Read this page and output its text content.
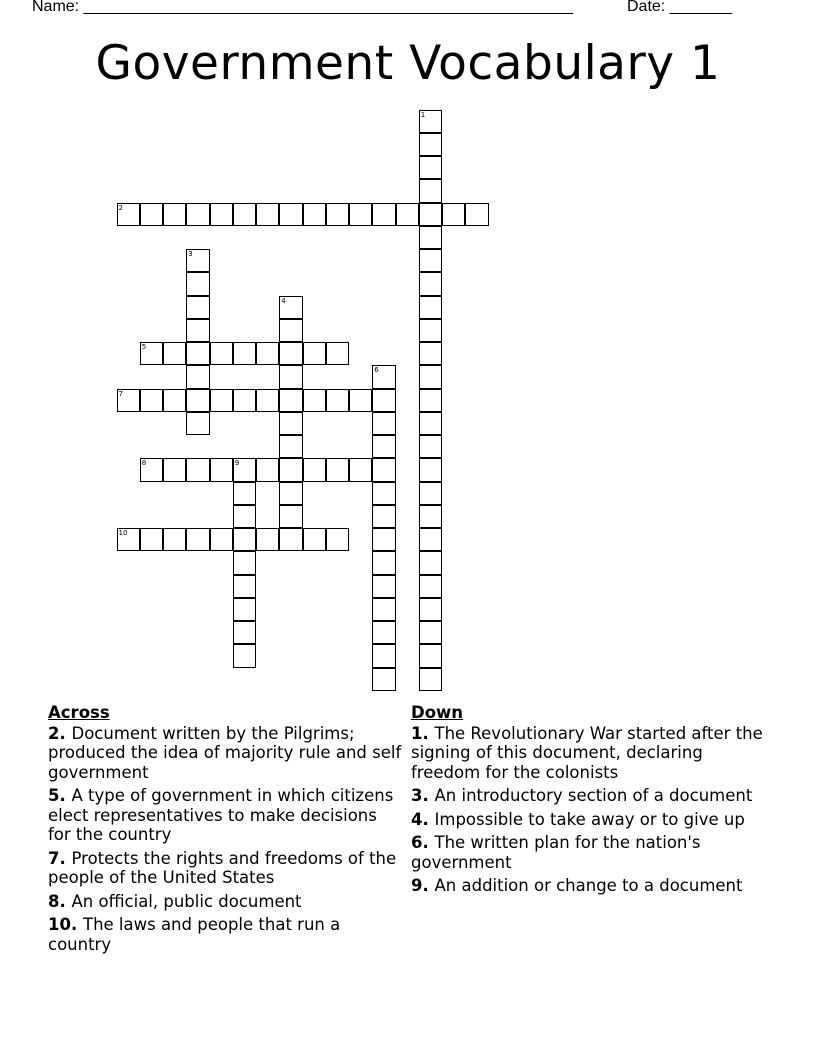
Name: _______________________________________________________	Date: _______
Government Vocabulary 1
1
2
3
4
5
6
7
8	9
10
Across
2. Document written by the Pilgrims; produced the idea of majority rule and self government
5. A type of government in which citizens elect representatives to make decisions for the country
7. Protects the rights and freedoms of the people of the United States
8. An official, public document
10. The laws and people that run a country
Down
1. The Revolutionary War started after the signing of this document, declaring freedom for the colonists
3. An introductory section of a document
4. Impossible to take away or to give up
6. The written plan for the nation's government
9. An addition or change to a document
